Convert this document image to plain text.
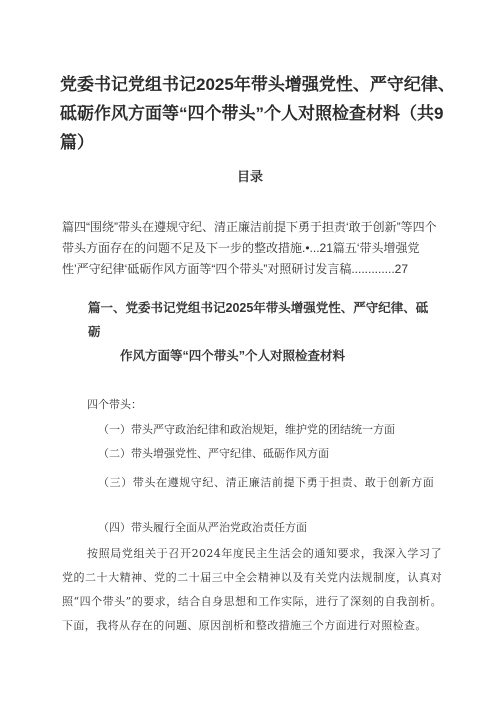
党委书记党组书记2025年带头增强党性、严守纪律、砥砺作风方面等“四个带头”个人对照检查材料（共9篇）
目录

篇四“围绕”带头在遵规守纪、清正廉洁前提下勇于担责‘敢于创新”等四个带头方面存在的问题不足及下一步的整改措施.•...21篇五‘带头增强党性’严守纪律‘砥砺作风方面等“四个带头”对照研讨发言稿.............27

篇一、党委书记党组书记2025年带头增强党性、严守纪律、砥砺
作风方面等“四个带头”个人对照检查材料

四个带头：

（一）带头严守政治纪律和政治规矩，维护党的团结统一方面

（二）带头增强党性、严守纪律、砥砺作风方面

（三）带头在遵规守纪、清正廉洁前提下勇于担责、敢于创新方面

（四）带头履行全面从严治党政治责任方面

按照局党组关于召开2024年度民主生活会的通知要求，我深入学习了党的二十大精神、党的二十届三中全会精神以及有关党内法规制度，认真对照“四个带头”的要求，结合自身思想和工作实际，进行了深刻的自我剖析。下面，我将从存在的问题、原因剖析和整改措施三个方面进行对照检查。
